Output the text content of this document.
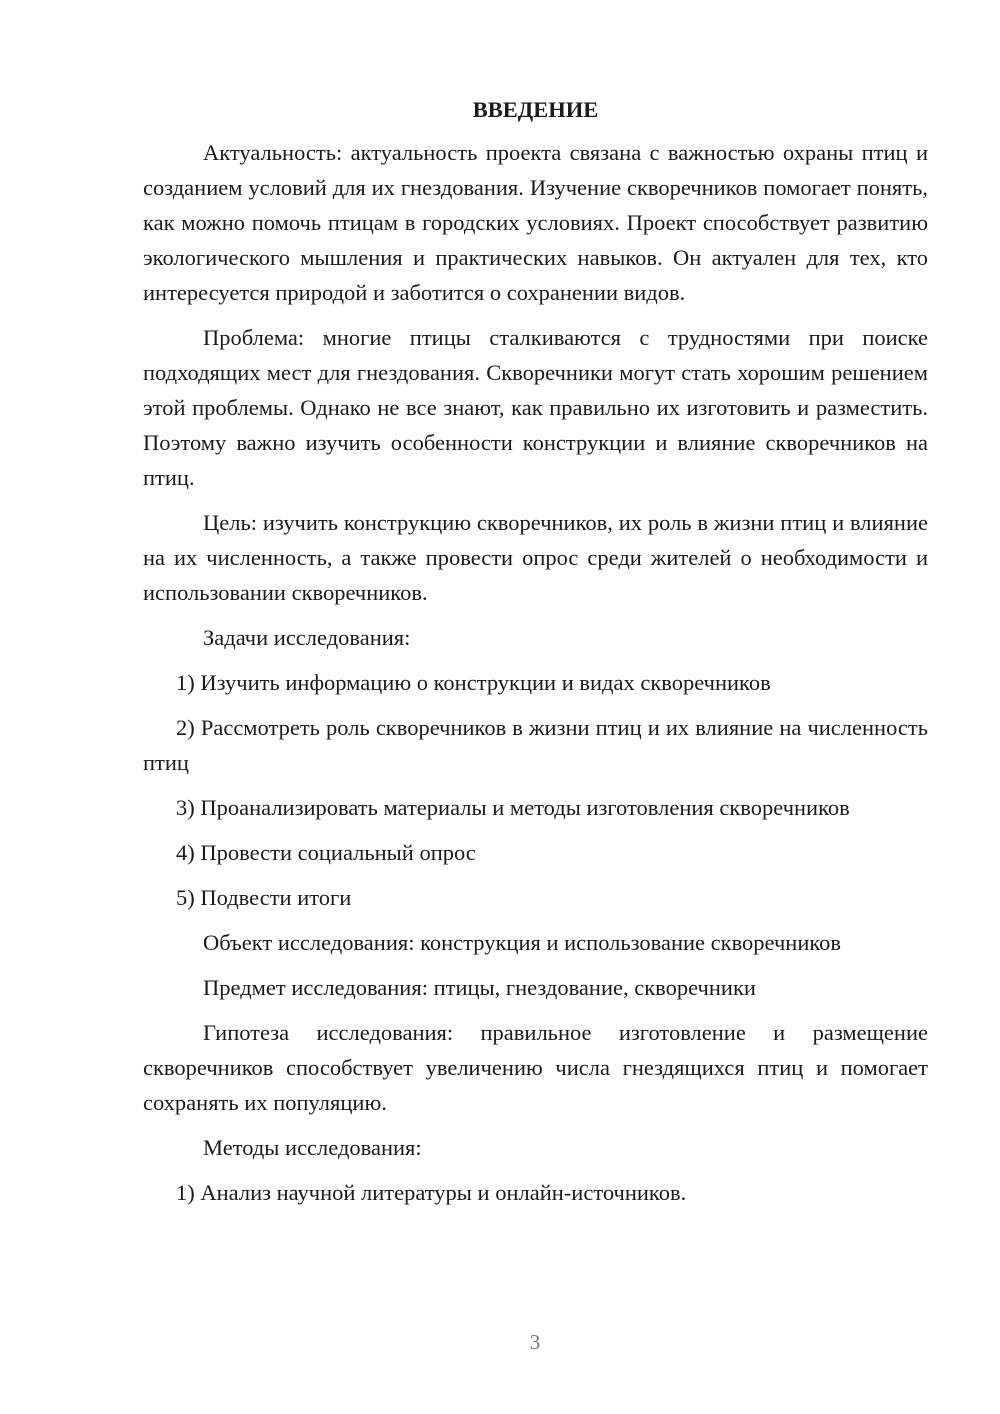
ВВЕДЕНИЕ

Актуальность: актуальность проекта связана с важностью охраны птиц и созданием условий для их гнездования. Изучение скворечников помогает понять, как можно помочь птицам в городских условиях. Проект способствует развитию экологического мышления и практических навыков. Он актуален для тех, кто интересуется природой и заботится о сохранении видов.

Проблема: многие птицы сталкиваются с трудностями при поиске подходящих мест для гнездования. Скворечники могут стать хорошим решением этой проблемы. Однако не все знают, как правильно их изготовить и разместить. Поэтому важно изучить особенности конструкции и влияние скворечников на птиц.

Цель: изучить конструкцию скворечников, их роль в жизни птиц и влияние на их численность, а также провести опрос среди жителей о необходимости и использовании скворечников.

Задачи исследования:

1) Изучить информацию о конструкции и видах скворечников

2) Рассмотреть роль скворечников в жизни птиц и их влияние на численность птиц

3) Проанализировать материалы и методы изготовления скворечников

4) Провести социальный опрос

5) Подвести итоги

Объект исследования: конструкция и использование скворечников

Предмет исследования: птицы, гнездование, скворечники

Гипотеза исследования: правильное изготовление и размещение скворечников способствует увеличению числа гнездящихся птиц и помогает сохранять их популяцию.

Методы исследования:

1) Анализ научной литературы и онлайн-источников.

3
